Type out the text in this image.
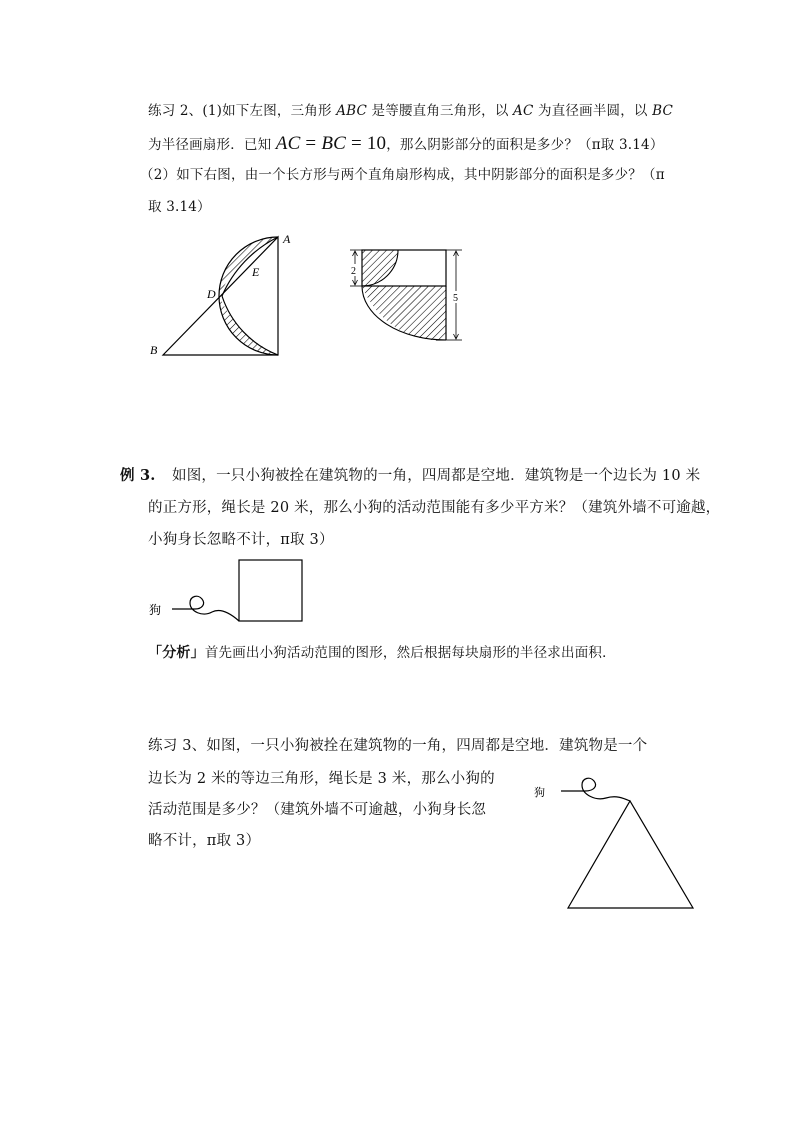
练习 2、(1)如下左图，三角形 ABC 是等腰直角三角形，以 AC 为直径画半圆，以 BC
为半径画扇形．已知 AC = BC = 10，那么阴影部分的面积是多少？（π取 3.14）
（2）如下右图，由一个长方形与两个直角扇形构成，其中阴影部分的面积是多少？（π
取 3.14）
A
E
D
B
2
5
例 3. 如图，一只小狗被拴在建筑物的一角，四周都是空地．建筑物是一个边长为 10 米
的正方形，绳长是 20 米，那么小狗的活动范围能有多少平方米？（建筑外墙不可逾越，
小狗身长忽略不计，π取 3）
狗
「分析」首先画出小狗活动范围的图形，然后根据每块扇形的半径求出面积．
练习 3、如图，一只小狗被拴在建筑物的一角，四周都是空地．建筑物是一个
边长为 2 米的等边三角形，绳长是 3 米，那么小狗的
活动范围是多少？（建筑外墙不可逾越，小狗身长忽
略不计，π取 3）
狗
